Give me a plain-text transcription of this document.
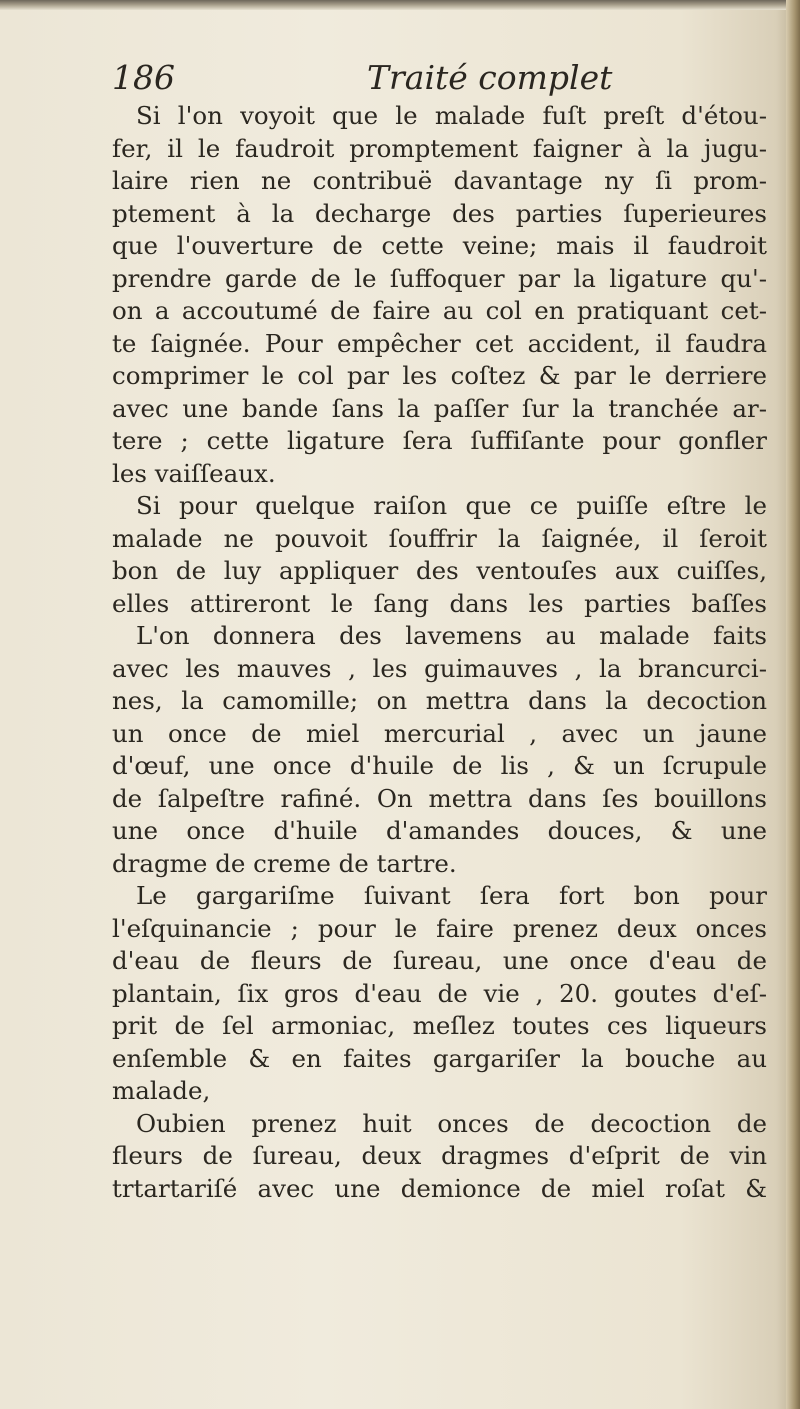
186	Traité complet
Si l'on voyoit que le malade fuſt preſt d'étou-
fer, il le faudroit promptement faigner à la jugu-
laire rien ne contribuë davantage ny ſi prom-
ptement à la decharge des parties ſuperieures
que l'ouverture de cette veine; mais il faudroit
prendre garde de le ſuffoquer par la ligature qu'-
on a accoutumé de faire au col en pratiquant cet-
te ſaignée. Pour empêcher cet accident, il faudra
comprimer le col par les coſtez & par le derriere
avec une bande ſans la paſſer ſur la tranchée ar-
tere ; cette ligature ſera ſuffiſante pour gonfler
les vaiſſeaux.
Si pour quelque raiſon que ce puiſſe eſtre le
malade ne pouvoit ſouffrir la ſaignée, il ſeroit
bon de luy appliquer des ventouſes aux cuiſſes,
elles attireront le ſang dans les parties baſſes
L'on donnera des lavemens au malade faits
avec les mauves , les guimauves , la brancurci-
nes, la camomille; on mettra dans la decoction
un once de miel mercurial , avec un jaune
d'œuf, une once d'huile de lis , & un ſcrupule
de ſalpeſtre rafiné. On mettra dans ſes bouillons
une once d'huile d'amandes douces, & une
dragme de creme de tartre.
Le gargariſme ſuivant ſera fort bon pour
l'eſquinancie ; pour le faire prenez deux onces
d'eau de fleurs de ſureau, une once d'eau de
plantain, ſix gros d'eau de vie , 20. goutes d'eſ-
prit de ſel armoniac, meſlez toutes ces liqueurs
enſemble & en faites gargariſer la bouche au
malade,
Oubien prenez huit onces de decoction de
fleurs de ſureau, deux dragmes d'eſprit de vin
trtartariſé avec une demionce de miel roſat &
